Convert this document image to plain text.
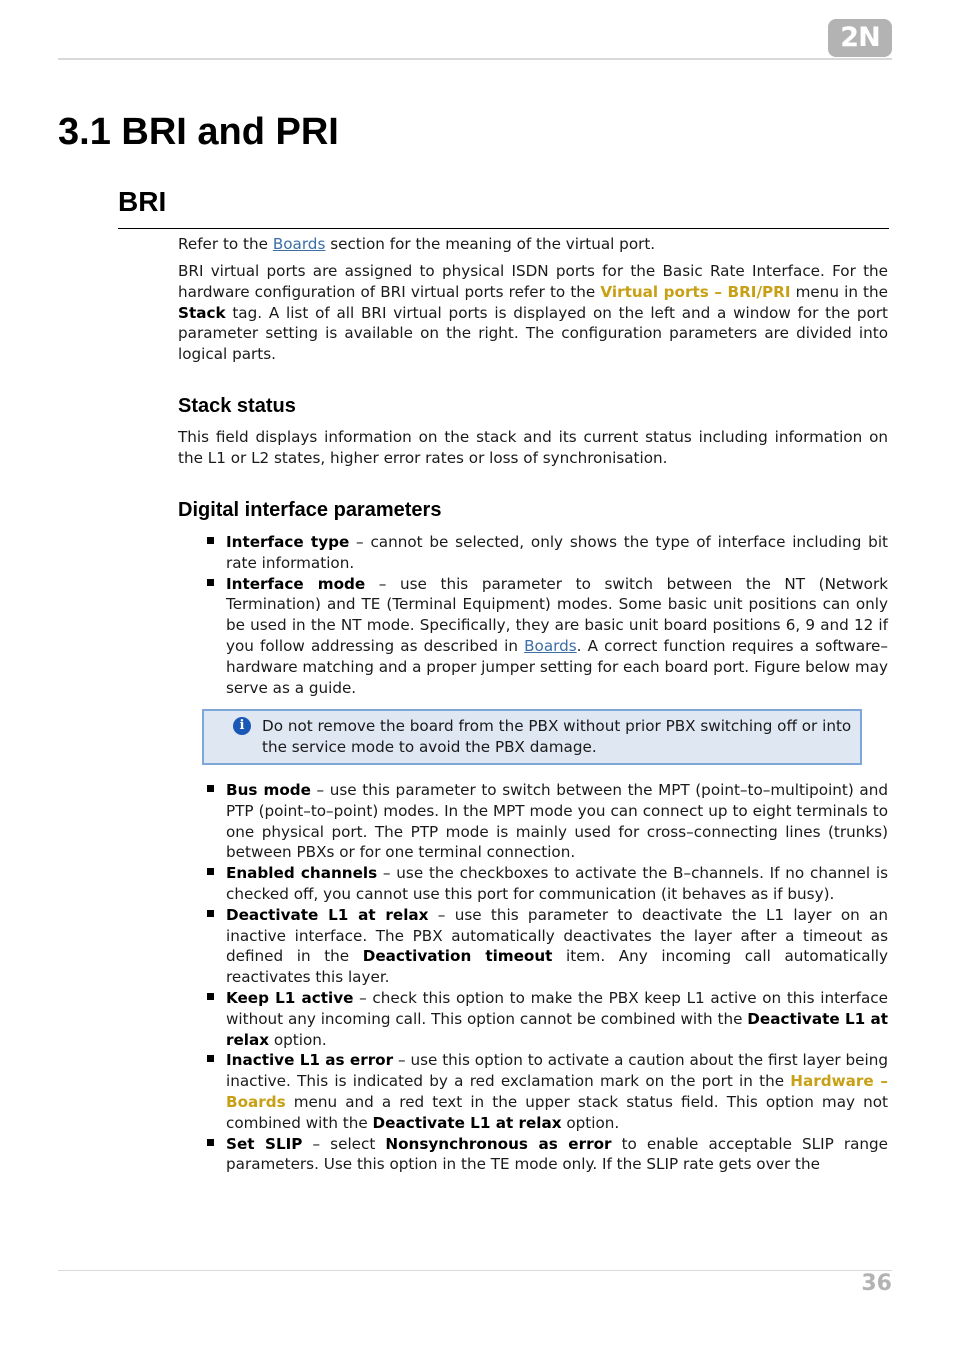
2N
3.1 BRI and PRI
BRI

Refer to the Boards section for the meaning of the virtual port.

BRI virtual ports are assigned to physical ISDN ports for the Basic Rate Interface. For the hardware configuration of BRI virtual ports refer to the Virtual ports – BRI/PRI menu in the Stack tag. A list of all BRI virtual ports is displayed on the left and a window for the port parameter setting is available on the right. The configuration parameters are divided into logical parts.

Stack status

This field displays information on the stack and its current status including information on the L1 or L2 states, higher error rates or loss of synchronisation.

Digital interface parameters
Interface type – cannot be selected, only shows the type of interface including bit rate information.
Interface mode – use this parameter to switch between the NT (Network Termination) and TE (Terminal Equipment) modes. Some basic unit positions can only be used in the NT mode. Specifically, they are basic unit board positions 6, 9 and 12 if you follow addressing as described in Boards. A correct function requires a software–hardware matching and a proper jumper setting for each board port. Figure below may serve as a guide.
i	Do not remove the board from the PBX without prior PBX switching off or into the service mode to avoid the PBX damage.

Bus mode – use this parameter to switch between the MPT (point–to–multipoint) and PTP (point–to–point) modes. In the MPT mode you can connect up to eight terminals to one physical port. The PTP mode is mainly used for cross–connecting lines (trunks) between PBXs or for one terminal connection.
Enabled channels – use the checkboxes to activate the B–channels. If no channel is checked off, you cannot use this port for communication (it behaves as if busy).
Deactivate L1 at relax – use this parameter to deactivate the L1 layer on an inactive interface. The PBX automatically deactivates the layer after a timeout as defined in the Deactivation timeout item. Any incoming call automatically reactivates this layer.
Keep L1 active – check this option to make the PBX keep L1 active on this interface without any incoming call. This option cannot be combined with the Deactivate L1 at relax option.
Inactive L1 as error – use this option to activate a caution about the first layer being inactive. This is indicated by a red exclamation mark on the port in the Hardware – Boards menu and a red text in the upper stack status field. This option may not combined with the Deactivate L1 at relax option.
Set SLIP – select Nonsynchronous as error to enable acceptable SLIP range parameters. Use this option in the TE mode only. If the SLIP rate gets over the
36
